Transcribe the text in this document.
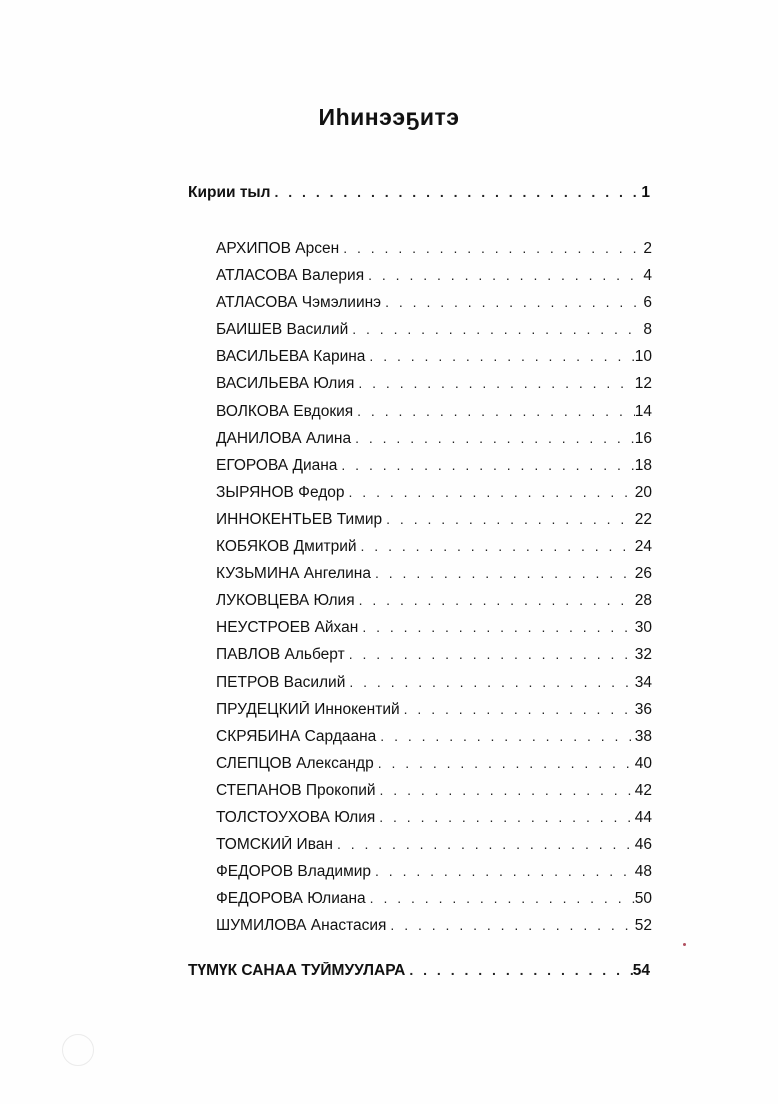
Иһинээҕитэ
Кирии тыл . . .	1
АРХИПОВ Арсен . . .	2
АТЛАСОВА Валерия . . .	4
АТЛАСОВА Чэмэлиинэ . . .	6
БАИШЕВ Василий . . .	8
ВАСИЛЬЕВА Карина . . .	10
ВАСИЛЬЕВА Юлия . . .	12
ВОЛКОВА Евдокия . . .	14
ДАНИЛОВА Алина . . .	16
ЕГОРОВА Диана . . .	18
ЗЫРЯНОВ Федор . . .	20
ИННОКЕНТЬЕВ Тимир . . .	22
КОБЯКОВ Дмитрий . . .	24
КУЗЬМИНА Ангелина . . .	26
ЛУКОВЦЕВА Юлия . . .	28
НЕУСТРОЕВ Айхан . . .	30
ПАВЛОВ Альберт . . .	32
ПЕТРОВ Василий . . .	34
ПРУДЕЦКИЙ Иннокентий . . .	36
СКРЯБИНА Сардаана . . .	38
СЛЕПЦОВ Александр . . .	40
СТЕПАНОВ Прокопий . . .	42
ТОЛСТОУХОВА Юлия . . .	44
ТОМСКИЙ Иван . . .	46
ФЕДОРОВ Владимир . . .	48
ФЕДОРОВА Юлиана . . .	50
ШУМИЛОВА Анастасия . . .	52
ТҮМҮК САНАА ТУЙМУУЛАРА . . .	54
